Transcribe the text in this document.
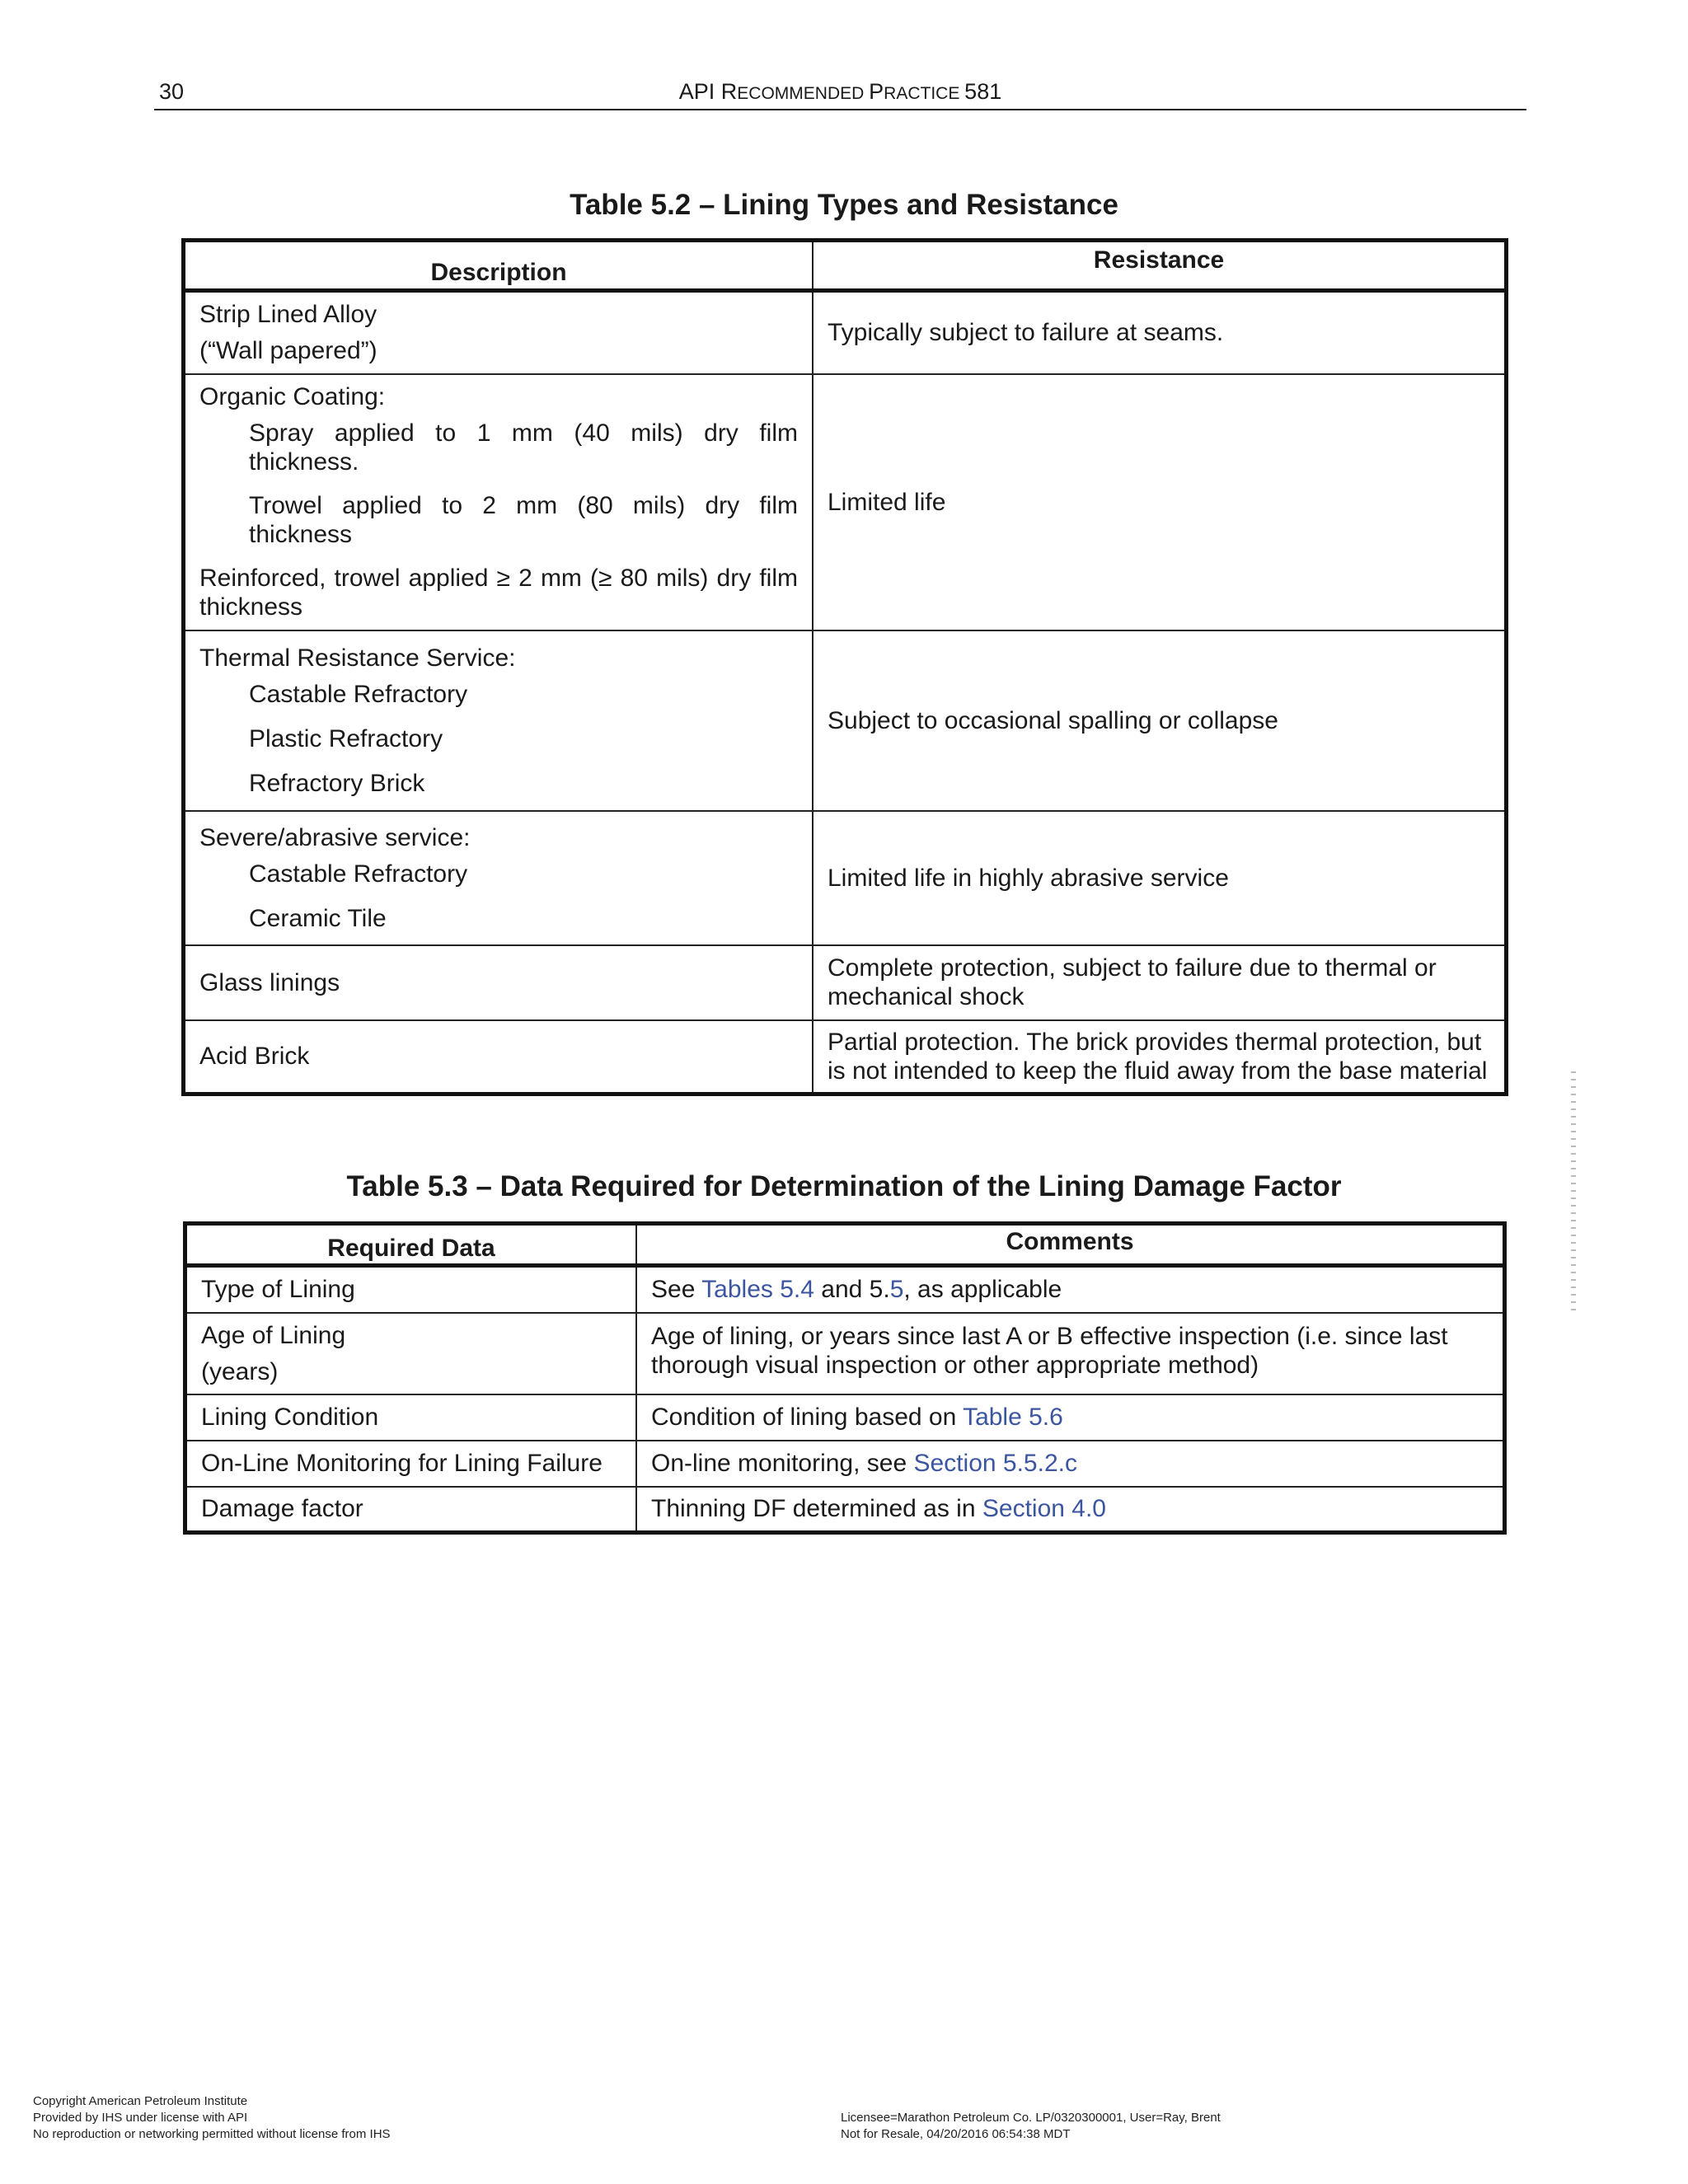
30	API RECOMMENDED PRACTICE 581
Table 5.2 – Lining Types and Resistance
Description	Resistance

Strip Lined Alloy
(“Wall papered”)	Typically subject to failure at seams.

Organic Coating:
Spray applied to 1 mm (40 mils) dry film thickness.
Trowel applied to 2 mm (80 mils) dry film thickness
Reinforced, trowel applied ≥ 2 mm (≥ 80 mils) dry film thickness	Limited life

Thermal Resistance Service:
Castable Refractory
Plastic Refractory
Refractory Brick	Subject to occasional spalling or collapse

Severe/abrasive service:
Castable Refractory
Ceramic Tile	Limited life in highly abrasive service
Glass linings	Complete protection, subject to failure due to thermal or mechanical shock
Acid Brick	Partial protection. The brick provides thermal protection, but is not intended to keep the fluid away from the base material
Table 5.3 – Data Required for Determination of the Lining Damage Factor
Required Data	Comments
Type of Lining	See Tables 5.4 and 5.5, as applicable

Age of Lining
(years)	Age of lining, or years since last A or B effective inspection (i.e. since last thorough visual inspection or other appropriate method)
Lining Condition	Condition of lining based on Table 5.6
On-Line Monitoring for Lining Failure	On-line monitoring, see Section 5.5.2.c
Damage factor	Thinning DF determined as in Section 4.0
Copyright American Petroleum Institute
Provided by IHS under license with API
No reproduction or networking permitted without license from IHS
Licensee=Marathon Petroleum Co. LP/0320300001, User=Ray, Brent
Not for Resale, 04/20/2016 06:54:38 MDT
